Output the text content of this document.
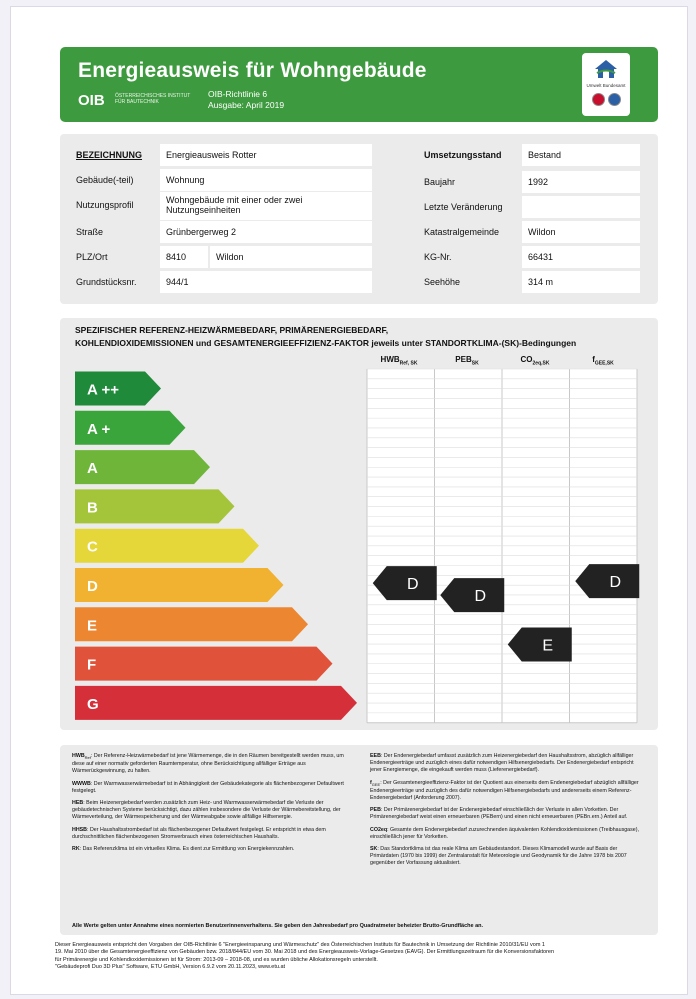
Energieausweis für Wohngebäude
OIB ÖSTERREICHISCHES INSTITUT FÜR BAUTECHNIK
OIB-Richtlinie 6
Ausgabe: April 2019
Umwelt Bundesamt
BEZEICHNUNG	Energieausweis Rotter
Gebäude(-teil)	Wohnung
Nutzungsprofil	Wohngebäude mit einer oder zwei
Nutzungseinheiten
Straße	Grünbergerweg 2
PLZ/Ort	8410	Wildon
Grundstücksnr.	944/1
Umsetzungsstand	Bestand
Baujahr	1992
Letzte Veränderung
Katastralgemeinde	Wildon
KG-Nr.	66431
Seehöhe	314 m
SPEZIFISCHER REFERENZ-HEIZWÄRMEBEDARF, PRIMÄRENERGIEBEDARF,
KOHLENDIOXIDEMISSIONEN und GESAMTENERGIEEFFIZIENZ-FAKTOR jeweils unter STANDORTKLIMA-(SK)-Bedingungen
$HWB_{Ref, SK}$	$PEB_{SK}$	$CO_{2eq,SK}$	$f_{GEE,SK}$
A ++
A +
A
B
C
D
E
F
G
D
D
E
D

$HWB_{Ref}$: Der Referenz-Heizwärmebedarf ist jene Wärmemenge, die in den Räumen bereitgestellt werden muss, um diese auf einer normativ geforderten Raumtemperatur, ohne Berücksichtigung allfälliger Erträge aus Wärmerückgewinnung, zu halten.

WWWB: Der Warmwasserwärmebedarf ist in Abhängigkeit der Gebäudekategorie als flächenbezogener Defaultwert festgelegt.

HEB: Beim Heizenergiebedarf werden zusätzlich zum Heiz- und Warmwasserwärmebedarf die Verluste der gebäudetechnischen Systeme berücksichtigt, dazu zählen insbesondere die Verluste der Wärmebereitstellung, der Wärmeverteilung, der Wärmespeicherung und der Wärmeabgabe sowie allfällige Hilfsenergie.

HHSB: Der Haushaltsstrombedarf ist als flächenbezogener Defaultwert festgelegt. Er entspricht in etwa dem durchschnittlichen flächenbezogenen Stromverbrauch eines österreichischen Haushalts.

RK: Das Referenzklima ist ein virtuelles Klima. Es dient zur Ermittlung von Energiekennzahlen.

EEB: Der Endenergiebedarf umfasst zusätzlich zum Heizenergiebedarf den Haushaltsstrom, abzüglich allfälliger Endenergieerträge und zuzüglich eines dafür notwendigen Hilfsenergiebedarfs. Der Endenergiebedarf entspricht jener Energiemenge, die eingekauft werden muss (Lieferenergiebedarf).

$f_{GEE}$: Der Gesamtenergieeffizienz-Faktor ist der Quotient aus einerseits dem Endenergiebedarf abzüglich allfälliger Endenergieerträge und zuzüglich des dafür notwendigen Hilfsenergiebedarfs und andererseits einem Referenz-Endenergiebedarf (Anforderung 2007).

PEB: Der Primärenergiebedarf ist der Endenergiebedarf einschließlich der Verluste in allen Vorketten. Der Primärenergiebedarf weist einen erneuerbaren (PEBern) und einen nicht erneuerbaren (PEBn.ern.) Anteil auf.

CO2eq: Gesamte dem Endenergiebedarf zuzurechnenden äquivalenten Kohlendioxidemissionen (Treibhausgase), einschließlich jener für Vorketten.

SK: Das Standortklima ist das reale Klima am Gebäudestandort. Dieses Klimamodell wurde auf Basis der Primärdaten (1970 bis 1999) der Zentralanstalt für Meteorologie und Geodynamik für die Jahre 1978 bis 2007 gegenüber der Vorfassung aktualisiert.

Alle Werte gelten unter Annahme eines normierten Benutzerinnenverhaltens. Sie geben den Jahresbedarf pro Quadratmeter beheizter Brutto-Grundfläche an.
Dieser Energieausweis entspricht den Vorgaben der OIB-Richtlinie 6 "Energieeinsparung und Wärmeschutz" des Österreichischen Instituts für Bautechnik in Umsetzung der Richtlinie 2010/31/EU vom 1
19. Mai 2010 über die Gesamtenergieeffizienz von Gebäuden bzw. 2018/844/EU vom 30. Mai 2018 und des Energieausweis-Vorlage-Gesetzes (EAVG). Der Ermittlungszeitraum für die Konversionsfaktoren
für Primärenergie und Kohlendioxidemissionen ist für Strom: 2013-09 – 2018-08, und es wurden übliche Allokationsregeln unterstellt.
"Gebäudeprofi Duo 3D Plus" Software, ETU GmbH, Version 6.9.2 vom 20.11.2023, www.etu.at
